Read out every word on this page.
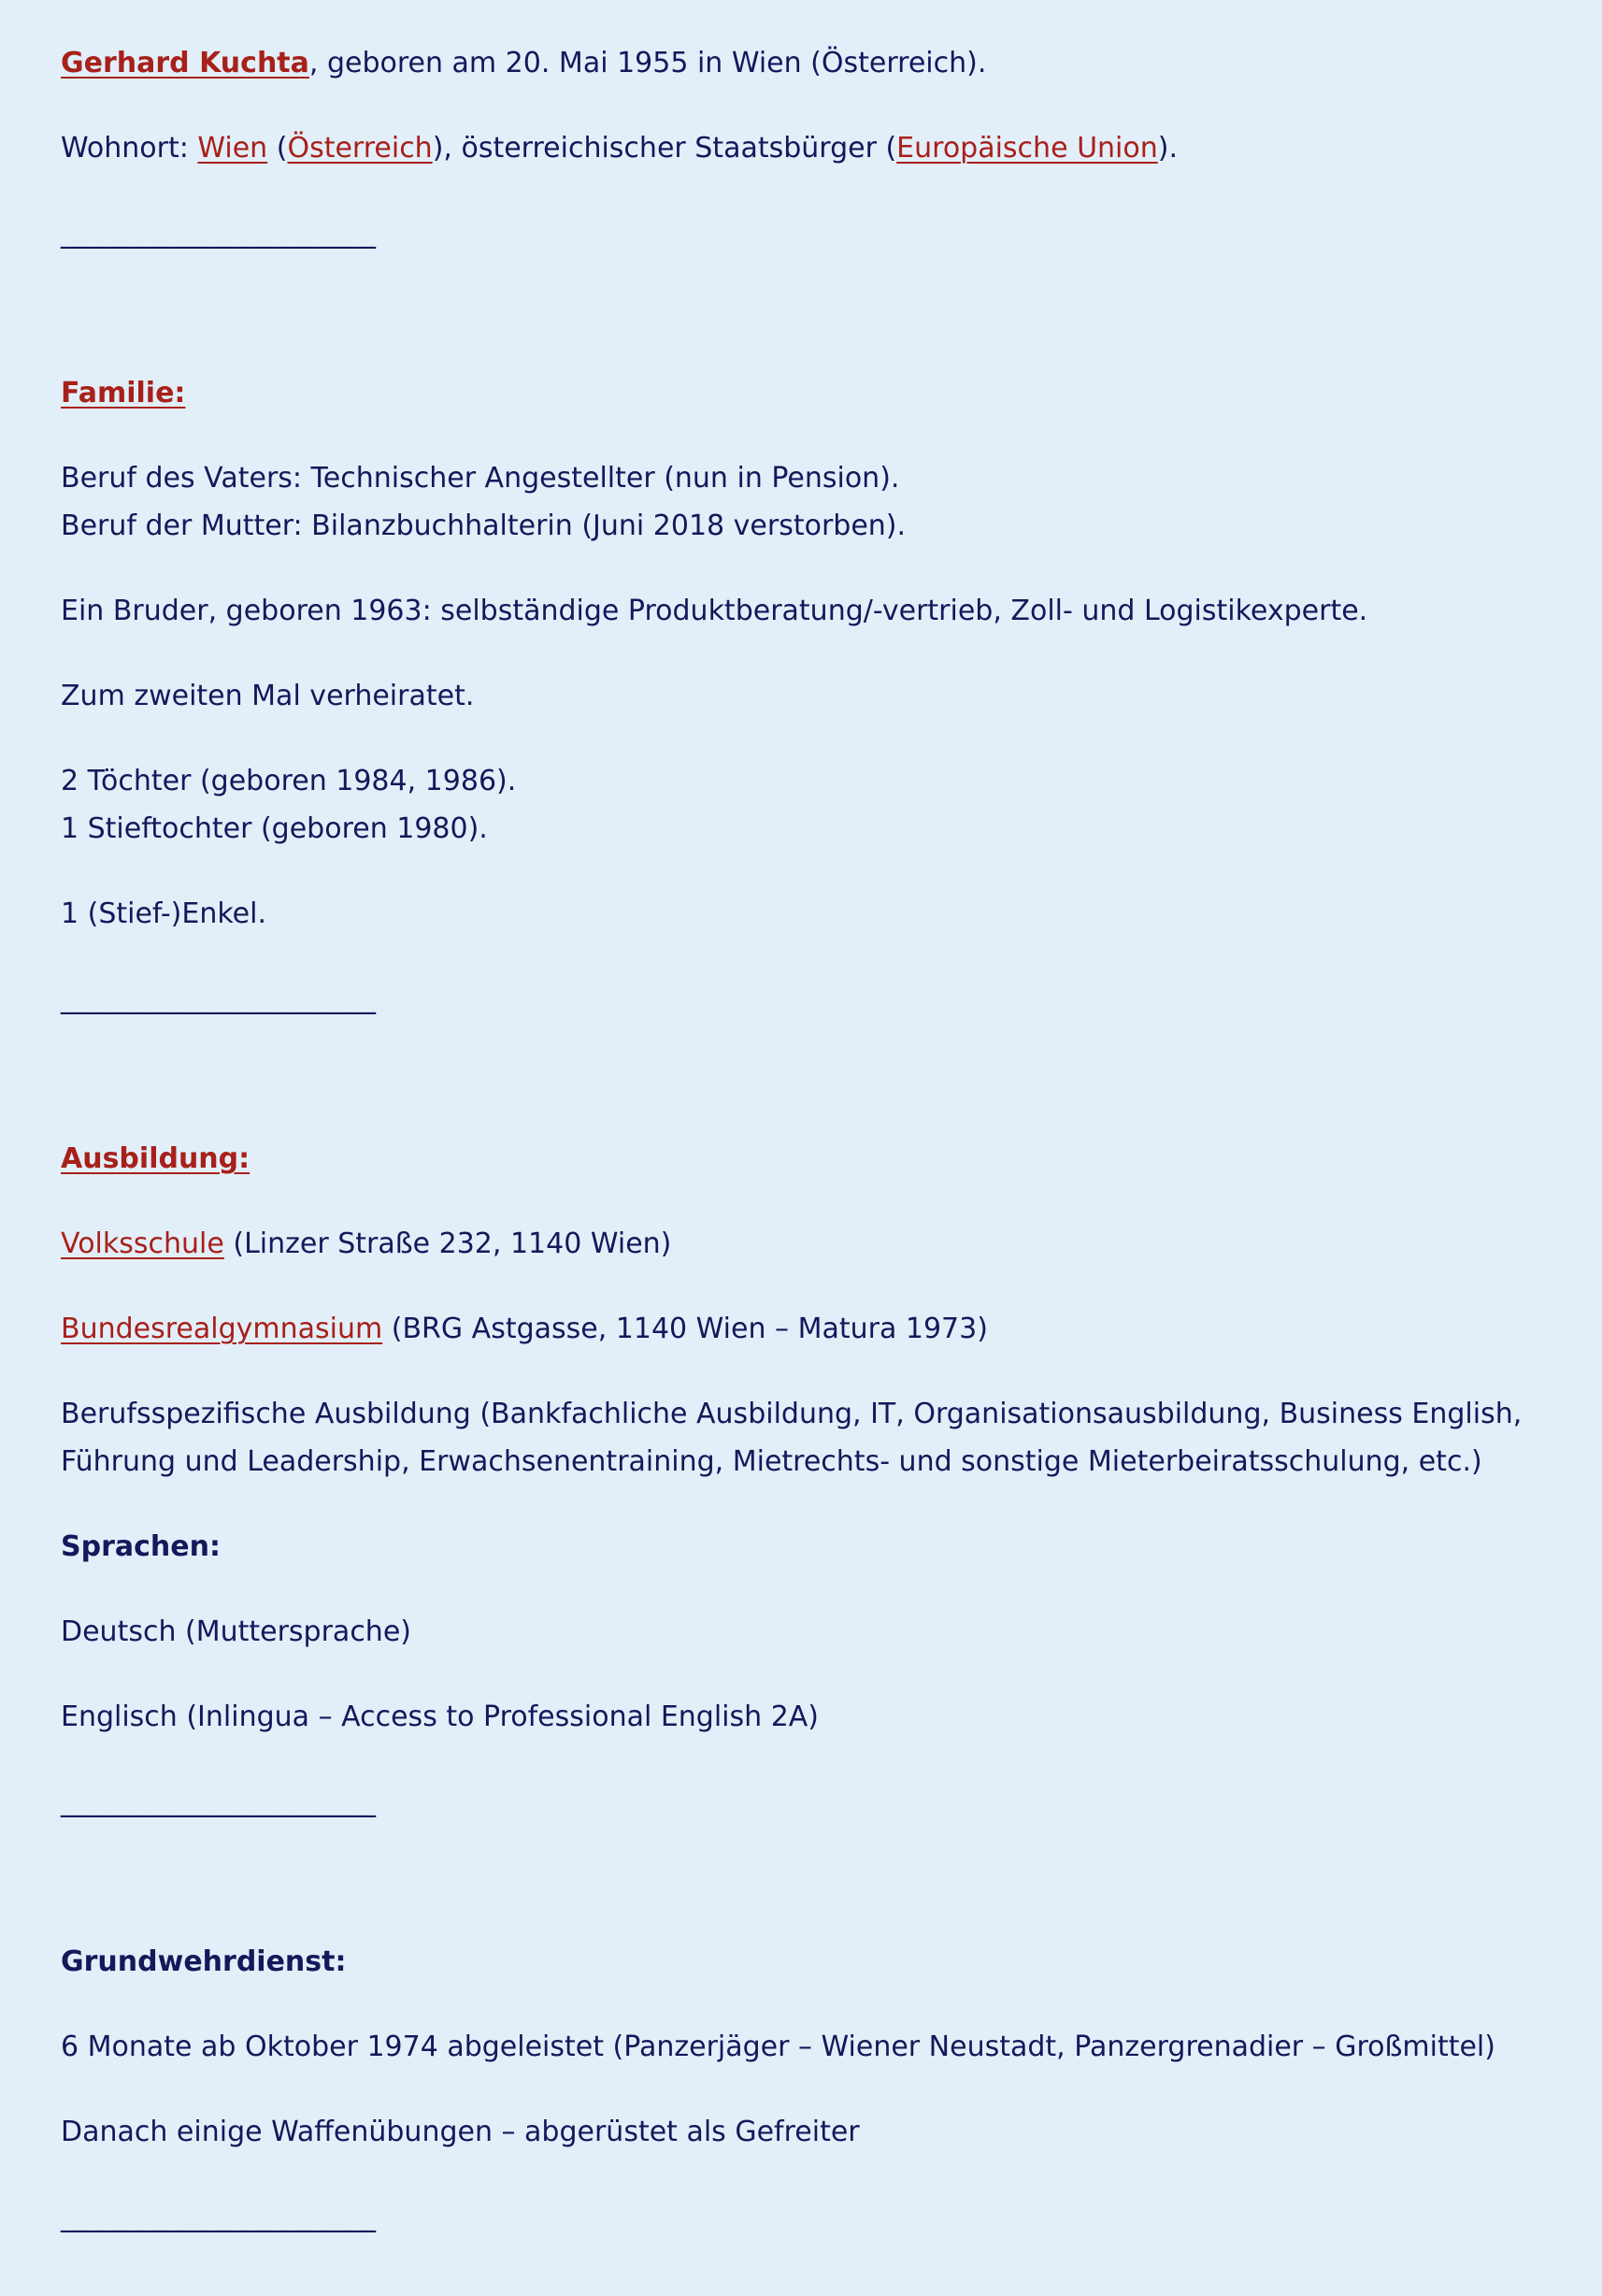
Gerhard Kuchta, geboren am 20. Mai 1955 in Wien (Österreich).

Wohnort: Wien (Österreich), österreichischer Staatsbürger (Europäische Union).

________________________

Familie:

Beruf des Vaters: Technischer Angestellter (nun in Pension).
Beruf der Mutter: Bilanzbuchhalterin (Juni 2018 verstorben).

Ein Bruder, geboren 1963: selbständige Produktberatung/-vertrieb, Zoll- und Logistikexperte.

Zum zweiten Mal verheiratet.

2 Töchter (geboren 1984, 1986).
1 Stieftochter (geboren 1980).

1 (Stief-)Enkel.

________________________

Ausbildung:

Volksschule (Linzer Straße 232, 1140 Wien)

Bundesrealgymnasium (BRG Astgasse, 1140 Wien – Matura 1973)

Berufsspezifische Ausbildung (Bankfachliche Ausbildung, IT, Organisationsausbildung, Business English, Führung und Leadership, Erwachsenentraining, Mietrechts- und sonstige Mieterbeiratsschulung, etc.)

Sprachen:

Deutsch (Muttersprache)

Englisch (Inlingua – Access to Professional English 2A)

________________________

Grundwehrdienst:

6 Monate ab Oktober 1974 abgeleistet (Panzerjäger – Wiener Neustadt, Panzergrenadier – Großmittel)

Danach einige Waffenübungen – abgerüstet als Gefreiter

________________________
